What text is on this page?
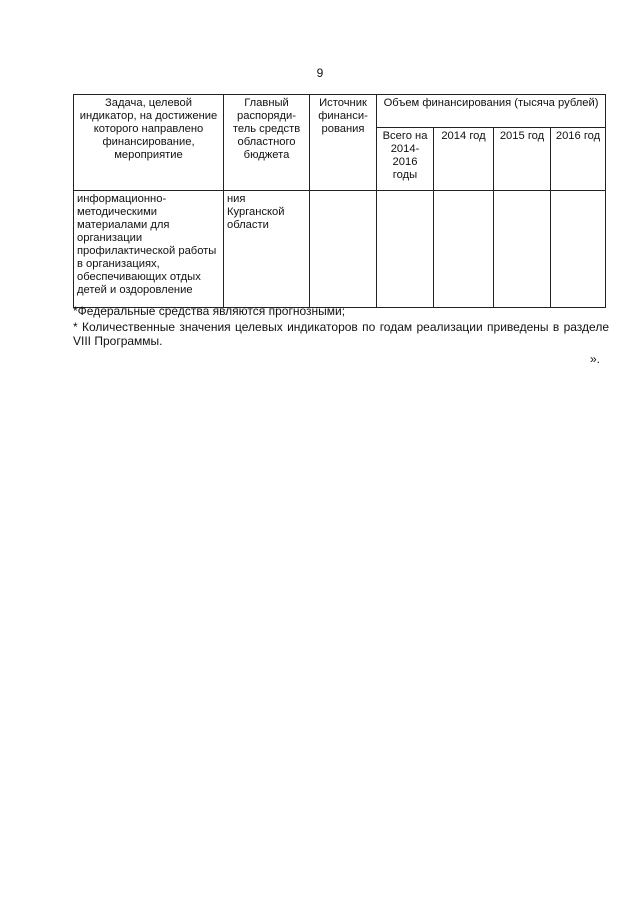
9
Задача, целевой индикатор, на достижение которого направлено финансирование, мероприятие	Главный распоряди-тель средств областного бюджета	Источник финанси-рования	Объем финансирования (тысяча рублей)			
			Всего на 2014-2016 годы	2014 год	2015 год	2016 год
информационно-методическими материалами для организации профилактической работы в организациях, обеспечивающих отдых детей и оздоровление	ния Курганской области					
*Федеральные средства являются прогнозными;
* Количественные значения целевых индикаторов по годам реализации приведены в разделе VIII Программы.
».
